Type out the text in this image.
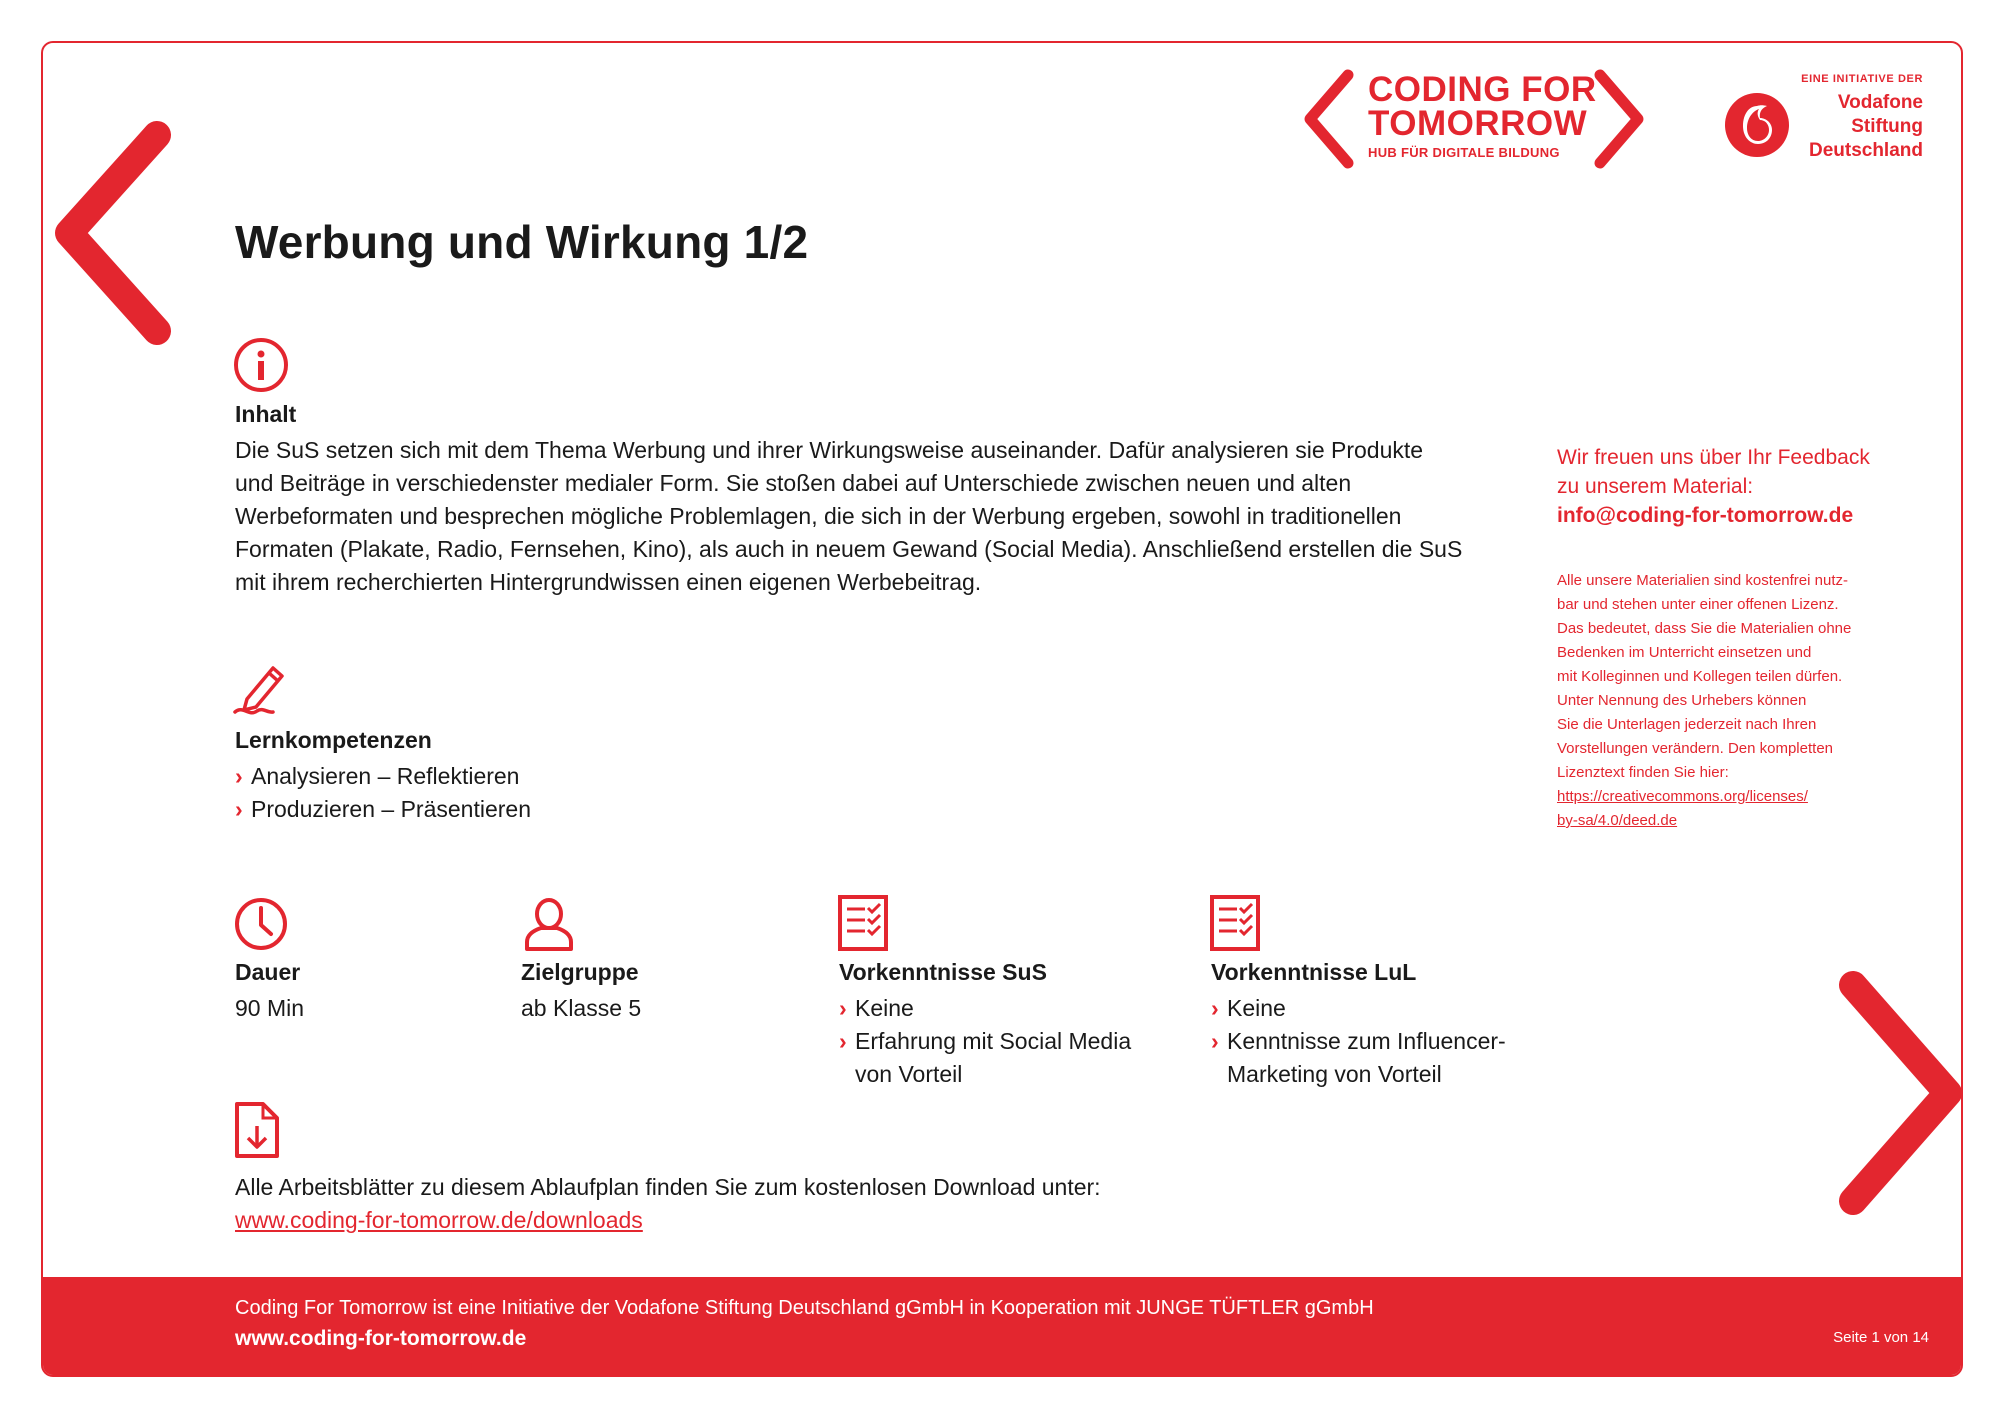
CODING FOR
TOMORROW
HUB FÜR DIGITALE BILDUNG
EINE INITIATIVE DER
Vodafone
Stiftung
Deutschland
Werbung und Wirkung 1/2
Inhalt
Die SuS setzen sich mit dem Thema Werbung und ihrer Wirkungsweise auseinander. Dafür analysieren sie Produkte
und Beiträge in verschiedenster medialer Form. Sie stoßen dabei auf Unterschiede zwischen neuen und alten
Werbeformaten und besprechen mögliche Problemlagen, die sich in der Werbung ergeben, sowohl in traditionellen
Formaten (Plakate, Radio, Fernsehen, Kino), als auch in neuem Gewand (Social Media). Anschließend erstellen die SuS
mit ihrem recherchierten Hintergrundwissen einen eigenen Werbebeitrag.
Lernkompetenzen
› Analysieren – Reflektieren
› Produzieren – Präsentieren
Dauer
90 Min
Zielgruppe
ab Klasse 5
Vorkenntnisse SuS
› Keine
› Erfahrung mit Social Media
von Vorteil
Vorkenntnisse LuL
› Keine
› Kenntnisse zum Influencer-
Marketing von Vorteil
Alle Arbeitsblätter zu diesem Ablaufplan finden Sie zum kostenlosen Download unter:
www.coding-for-tomorrow.de/downloads
Wir freuen uns über Ihr Feedback
zu unserem Material:
info@coding-for-tomorrow.de
Alle unsere Materialien sind kostenfrei nutz-
bar und stehen unter einer offenen Lizenz.
Das bedeutet, dass Sie die Materialien ohne
Bedenken im Unterricht einsetzen und
mit Kolleginnen und Kollegen teilen dürfen.
Unter Nennung des Urhebers können
Sie die Unterlagen jederzeit nach Ihren
Vorstellungen verändern. Den kompletten
Lizenztext finden Sie hier:
https://creativecommons.org/licenses/
by-sa/4.0/deed.de
Coding For Tomorrow ist eine Initiative der Vodafone Stiftung Deutschland gGmbH in Kooperation mit JUNGE TÜFTLER gGmbH
www.coding-for-tomorrow.de	Seite 1 von 14
